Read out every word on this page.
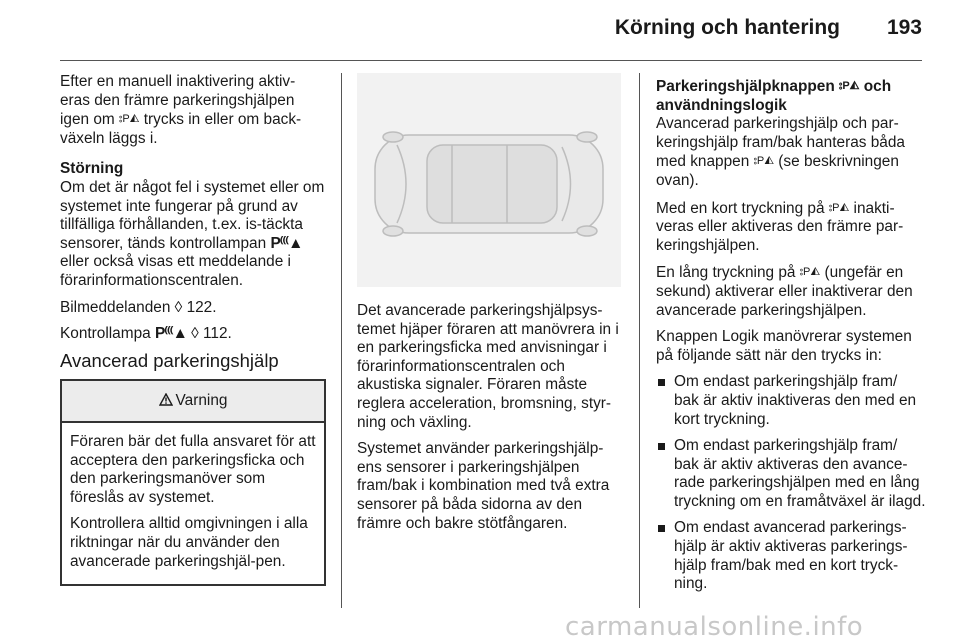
Körning och hantering	193

Efter en manuell inaktivering aktiv-eras den främre parkeringshjälpen igen om ⦂P◭ trycks in eller om back-växeln läggs i.

Störning

Om det är något fel i systemet eller om systemet inte fungerar på grund av tillfälliga förhållanden, t.ex. is-täckta sensorer, tänds kontrollampan P⁽⁽⁽▲ eller också visas ett meddelande i förarinformationscentralen.

Bilmeddelanden ◊ 122.

Kontrollampa P⁽⁽⁽▲ ◊ 112.

Avancerad parkeringshjälp
Varning

Föraren bär det fulla ansvaret för att acceptera den parkeringsficka och den parkeringsmanöver som föreslås av systemet.

Kontrollera alltid omgivningen i alla riktningar när du använder den avancerade parkeringshjäl-pen.

Det avancerade parkeringshjälpsys-temet hjäper föraren att manövrera in i en parkeringsficka med anvisningar i förarinformationscentralen och akustiska signaler. Föraren måste reglera acceleration, bromsning, styr-ning och växling.

Systemet använder parkeringshjälp-ens sensorer i parkeringshjälpen fram/bak i kombination med två extra sensorer på båda sidorna av den främre och bakre stötfångaren.

Parkeringshjälpknappen ⦂P◭ och användningslogik

Avancerad parkeringshjälp och par-keringshjälp fram/bak hanteras båda med knappen ⦂P◭ (se beskrivningen ovan).

Med en kort tryckning på ⦂P◭ inakti-veras eller aktiveras den främre par-keringshjälpen.

En lång tryckning på ⦂P◭ (ungefär en sekund) aktiverar eller inaktiverar den avancerade parkeringshjälpen.

Knappen Logik manövrerar systemen på följande sätt när den trycks in:

Om endast parkeringshjälp fram/ bak är aktiv inaktiveras den med en kort tryckning.
Om endast parkeringshjälp fram/ bak är aktiv aktiveras den avance-rade parkeringshjälpen med en lång tryckning om en framåtväxel är ilagd.
Om endast avancerad parkerings-hjälp är aktiv aktiveras parkerings-hjälp fram/bak med en kort tryck-ning.
carmanualsonline.info
